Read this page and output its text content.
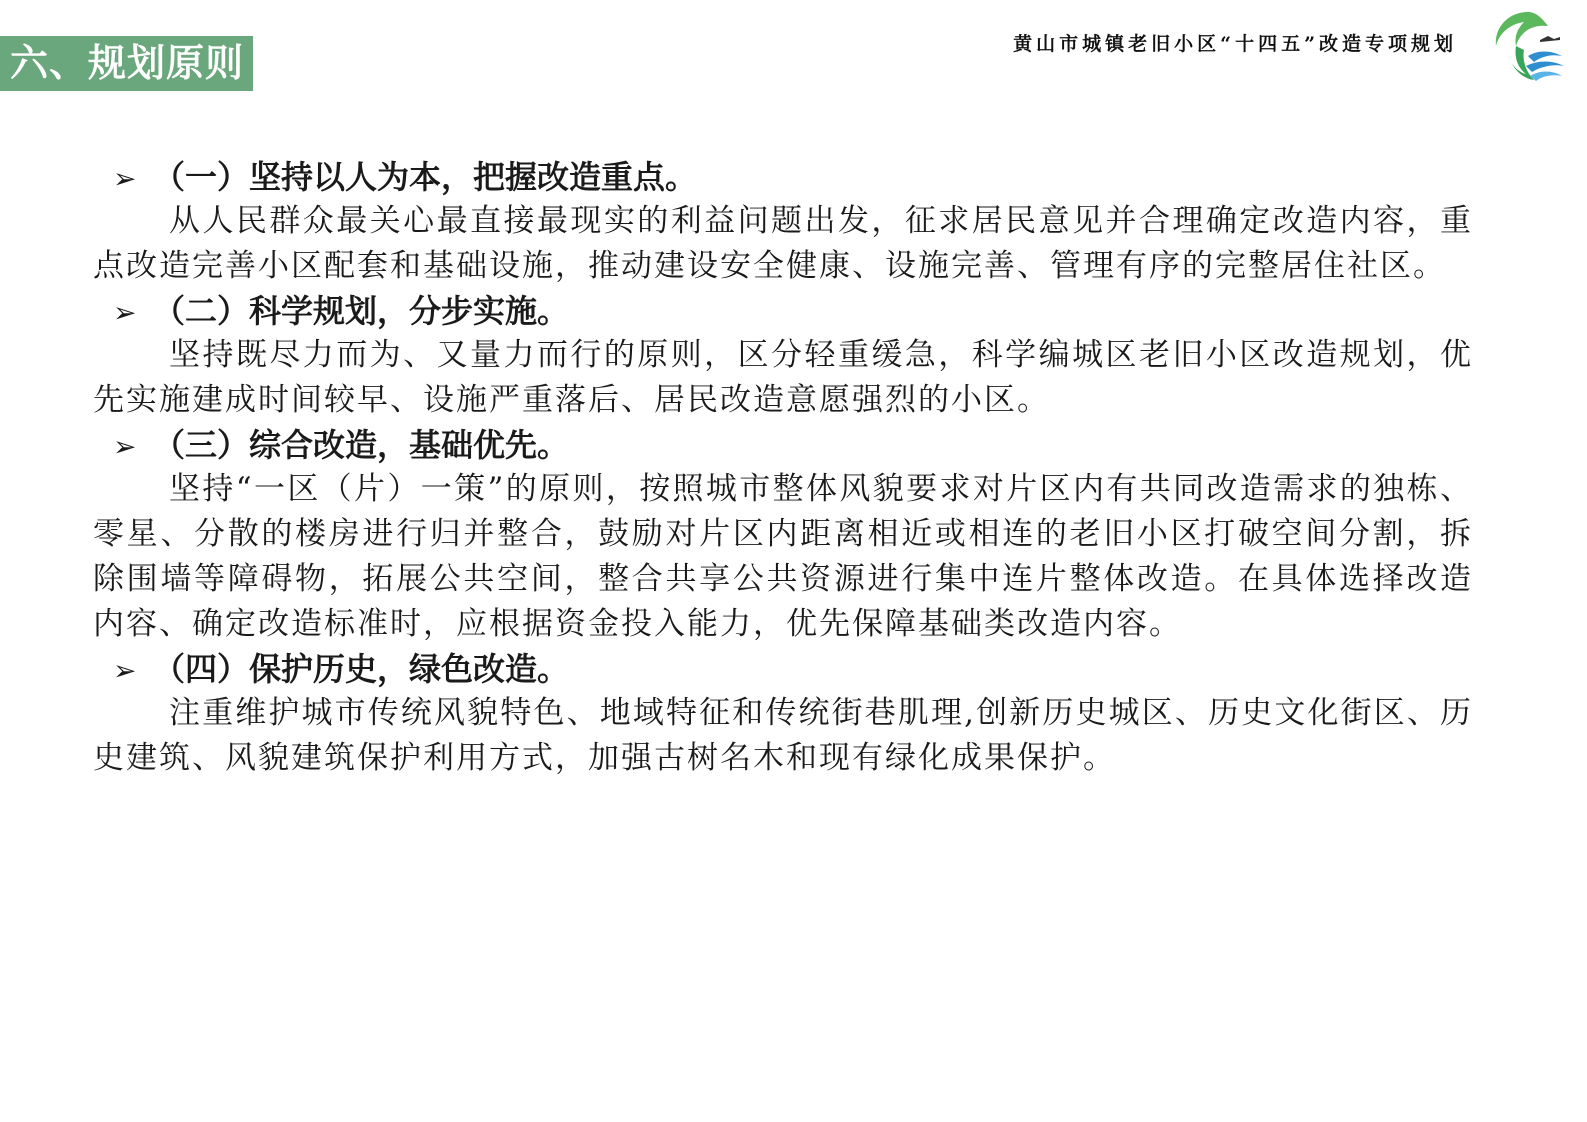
六、规划原则	黄山市城镇老旧小区“十四五”改造专项规划
➢ （一）坚持以人为本，把握改造重点。

从人民群众最关心最直接最现实的利益问题出发，征求居民意见并合理确定改造内容，重点改造完善小区配套和基础设施，推动建设安全健康、设施完善、管理有序的完整居住社区。

➢ （二）科学规划，分步实施。

坚持既尽力而为、又量力而行的原则，区分轻重缓急，科学编城区老旧小区改造规划，优先实施建成时间较早、设施严重落后、居民改造意愿强烈的小区。

➢ （三）综合改造，基础优先。

坚持“一区（片）一策”的原则，按照城市整体风貌要求对片区内有共同改造需求的独栋、零星、分散的楼房进行归并整合，鼓励对片区内距离相近或相连的老旧小区打破空间分割，拆除围墙等障碍物，拓展公共空间，整合共享公共资源进行集中连片整体改造。在具体选择改造内容、确定改造标准时，应根据资金投入能力，优先保障基础类改造内容。

➢ （四）保护历史，绿色改造。

注重维护城市传统风貌特色、地域特征和传统街巷肌理,创新历史城区、历史文化街区、历史建筑、风貌建筑保护利用方式，加强古树名木和现有绿化成果保护。
